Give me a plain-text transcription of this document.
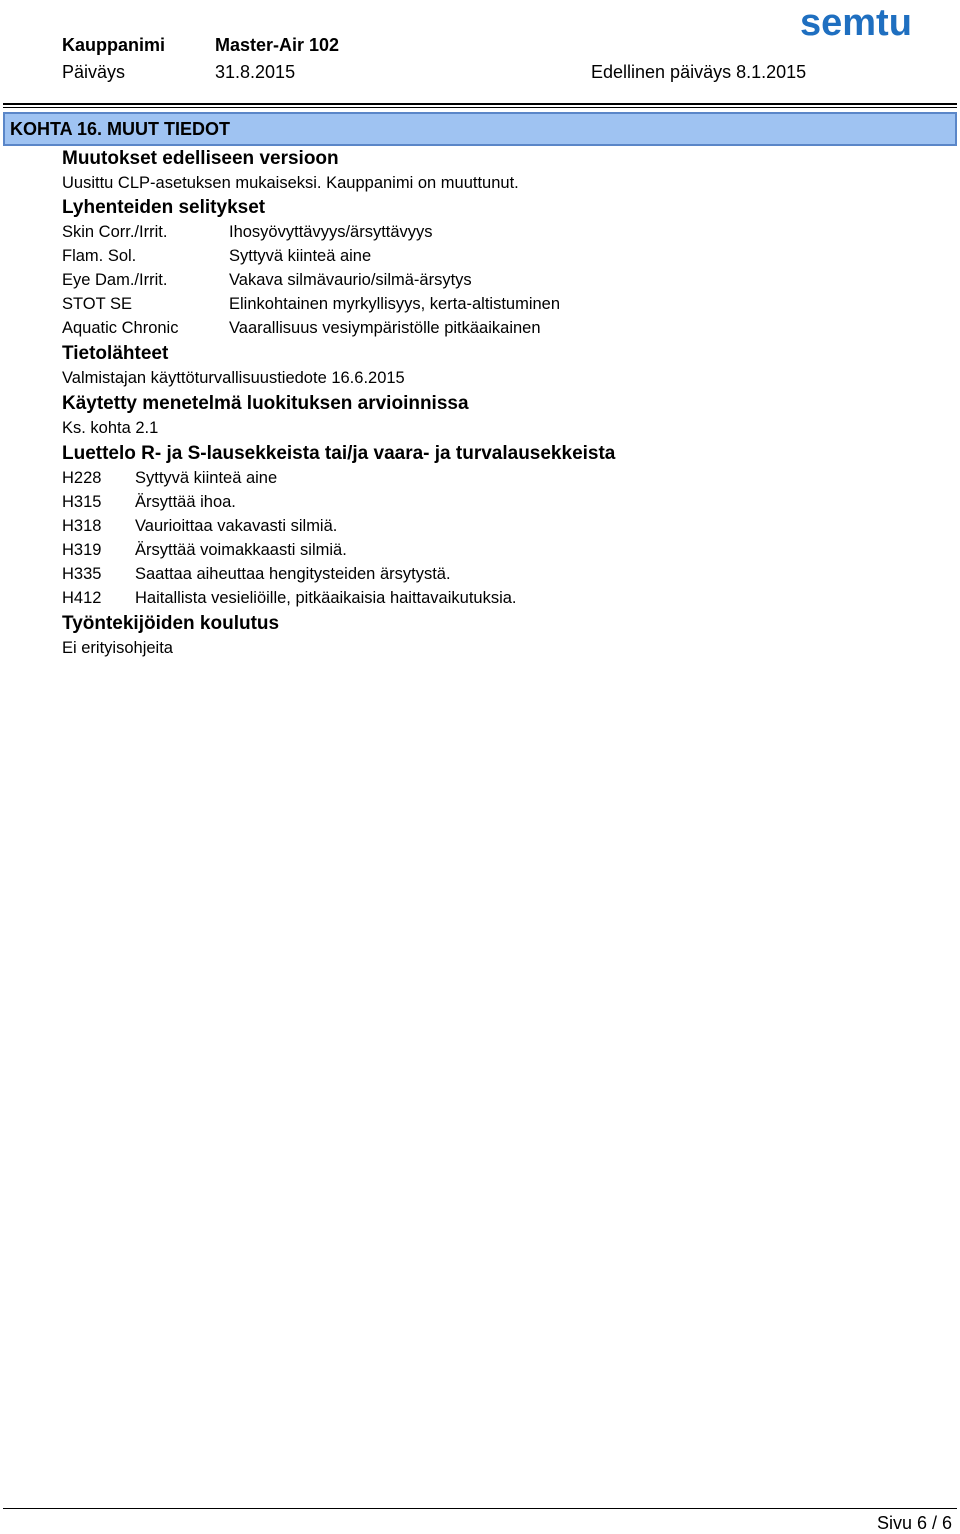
Kauppanimi	Master-Air 102
Päiväys	31.8.2015	Edellinen päiväys 8.1.2015
semtu
KOHTA 16. MUUT TIEDOT
Muutokset edelliseen versioon
Uusittu CLP-asetuksen mukaiseksi. Kauppanimi on muuttunut.
Lyhenteiden selitykset
Skin Corr./Irrit.	Ihosyövyttävyys/ärsyttävyys
Flam. Sol.	Syttyvä kiinteä aine
Eye Dam./Irrit.	Vakava silmävaurio/silmä-ärsytys
STOT SE	Elinkohtainen myrkyllisyys, kerta-altistuminen
Aquatic Chronic	Vaarallisuus vesiympäristölle pitkäaikainen
Tietolähteet
Valmistajan käyttöturvallisuustiedote 16.6.2015
Käytetty menetelmä luokituksen arvioinnissa
Ks. kohta 2.1
Luettelo R- ja S-lausekkeista tai/ja vaara- ja turvalausekkeista
H228	Syttyvä kiinteä aine
H315	Ärsyttää ihoa.
H318	Vaurioittaa vakavasti silmiä.
H319	Ärsyttää voimakkaasti silmiä.
H335	Saattaa aiheuttaa hengitysteiden ärsytystä.
H412	Haitallista vesieliöille, pitkäaikaisia haittavaikutuksia.
Työntekijöiden koulutus
Ei erityisohjeita
Sivu 6 / 6
